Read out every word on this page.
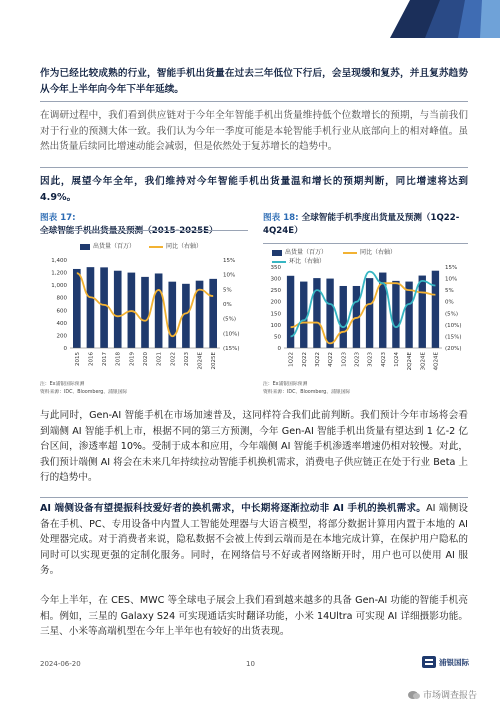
作为已经比较成熟的行业，智能手机出货量在过去三年低位下行后，会呈现缓和复苏，并且复苏趋势从今年上半年向今年下半年延续。
在调研过程中，我们看到供应链对于今年全年智能手机出货量维持低个位数增长的预期，与当前我们对于行业的预测大体一致。我们认为今年一季度可能是本轮智能手机行业从底部向上的相对峰值。虽然出货量后续同比增速动能会减弱，但是依然处于复苏增长的趋势中。
因此，展望今年全年，我们维持对今年智能手机出货量温和增长的预期判断，同比增速将达到 4.9%。
图表 17: 全球智能手机出货量及预测（2015-2025E）
出货量（百万）	同比（右轴）
0
200
400
600
800
1,000
1,200
1,400
(15%)
(10%)
(5%)
0%
5%
10%
15%
2015 2016 2017 2018 2019 2020 2021 2022 2023 2024E 2025E
注：Ex浦银国际预测
资料来源：IDC、Bloomberg、浦银国际
图表 18: 全球智能手机季度出货量及预测（1Q22-4Q24E）
出货量（百万）	同比（右轴）
环比（右轴）
0
50
100
150
200
250
300
350
(20%)
(15%)
(10%)
(5%)
0%
5%
10%
15%
1Q22 2Q22 3Q22 4Q22 1Q23 2Q23 3Q23 4Q23 1Q24 2Q24E 3Q24E 4Q24E
注：Ex浦银国际预测
资料来源：IDC、Bloomberg、浦银国际
与此同时，Gen-AI 智能手机在市场加速普及，这同样符合我们此前判断。我们预计今年市场将会看到端侧 AI 智能手机上市，根据不同的第三方预测，今年 Gen-AI 智能手机出货量有望达到 1 亿-2 亿台区间，渗透率超 10%。受制于成本和应用，今年端侧 AI 智能手机渗透率增速仍相对较慢。对此，我们预计端侧 AI 将会在未来几年持续拉动智能手机换机需求，消费电子供应链正在处于行业 Beta 上行的趋势中。
AI 端侧设备有望提振科技爱好者的换机需求，中长期将逐渐拉动非 AI 手机的换机需求。AI 端侧设备在手机、PC、专用设备中内置人工智能处理器与大语言模型，将部分数据计算用内置于本地的 AI 处理器完成。对于消费者来说，隐私数据不会被上传到云端而是在本地完成计算，在保护用户隐私的同时可以实现更强的定制化服务。同时，在网络信号不好或者网络断开时，用户也可以使用 AI 服务。
今年上半年，在 CES、MWC 等全球电子展会上我们看到越来越多的具备 Gen-AI 功能的智能手机亮相。例如，三星的 Galaxy S24 可实现通话实时翻译功能，小米 14Ultra 可实现 AI 详细摄影功能。三星、小米等高端机型在今年上半年也有较好的出货表现。
2024-06-20	10	浦银国际
市场调查报告
